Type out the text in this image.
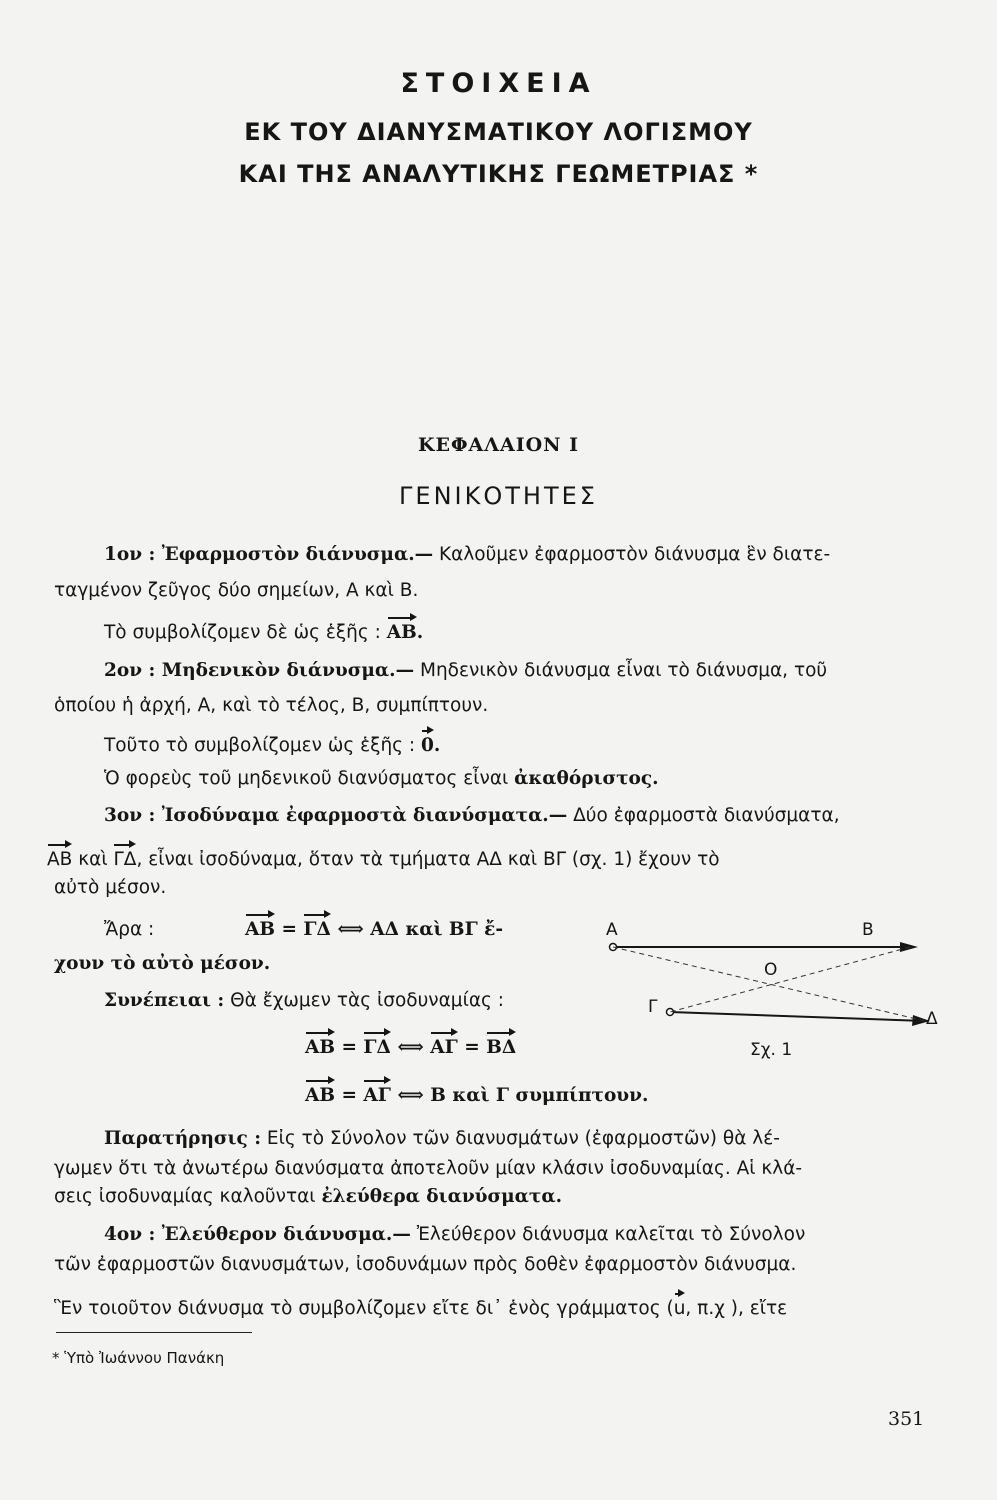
ΣΤΟΙΧΕΙΑ
ΕΚ ΤΟΥ ΔΙΑΝΥΣΜΑΤΙΚΟΥ ΛΟΓΙΣΜΟΥ
ΚΑΙ ΤΗΣ ΑΝΑΛΥΤΙΚΗΣ ΓΕΩΜΕΤΡΙΑΣ *
ΚΕΦΑΛΑΙΟΝ Ι
ΓΕΝΙΚΟΤΗΤΕΣ
1ον : Ἐφαρμοστὸν διάνυσμα.— Καλοῦμεν ἐφαρμοστὸν διάνυσμα ἓν διατε-
ταγμένον ζεῦγος δύο σημείων, Α καὶ Β.
Τὸ συμβολίζομεν δὲ ὡς ἑξῆς : ΑΒ.
2ον : Μηδενικὸν διάνυσμα.— Μηδενικὸν διάνυσμα εἶναι τὸ διάνυσμα, τοῦ
ὁποίου ἡ ἀρχή, Α, καὶ τὸ τέλος, Β, συμπίπτουν.
Τοῦτο τὸ συμβολίζομεν ὡς ἑξῆς : 0.
Ὁ φορεὺς τοῦ μηδενικοῦ διανύσματος εἶναι ἀκαθόριστος.
3ον : Ἰσοδύναμα ἐφαρμοστὰ διανύσματα.— Δύο ἐφαρμοστὰ διανύσματα,
ΑΒ καὶ ΓΔ, εἶναι ἰσοδύναμα, ὅταν τὰ τμήματα ΑΔ καὶ ΒΓ (σχ. 1) ἔχουν τὸ
αὐτὸ μέσον.
Ἄρα :	ΑΒ = ΓΔ ⟺ ΑΔ καὶ ΒΓ ἔ-
χουν τὸ αὐτὸ μέσον.
Συνέπειαι : Θὰ ἔχωμεν τὰς ἰσοδυναμίας :
ΑΒ = ΓΔ ⟺ ΑΓ = ΒΔ
ΑΒ = ΑΓ ⟺ Β καὶ Γ συμπίπτουν.
Α	Β
Ο
Γ
Δ
Σχ. 1
Παρατήρησις : Εἰς τὸ Σύνολον τῶν διανυσμάτων (ἐφαρμοστῶν) θὰ λέ-
γωμεν ὅτι τὰ ἀνωτέρω διανύσματα ἀποτελοῦν μίαν κλάσιν ἰσοδυναμίας. Αἱ κλά-
σεις ἰσοδυναμίας καλοῦνται ἐλεύθερα διανύσματα.
4ον : Ἐλεύθερον διάνυσμα.— Ἐλεύθερον διάνυσμα καλεῖται τὸ Σύνολον
τῶν ἐφαρμοστῶν διανυσμάτων, ἰσοδυνάμων πρὸς δοθὲν ἐφαρμοστὸν διάνυσμα.
Ἓν τοιοῦτον διάνυσμα τὸ συμβολίζομεν εἴτε δι᾽ ἑνὸς γράμματος (u, π.χ ), εἴτε
* Ὑπὸ Ἰωάννου Πανάκη
351
